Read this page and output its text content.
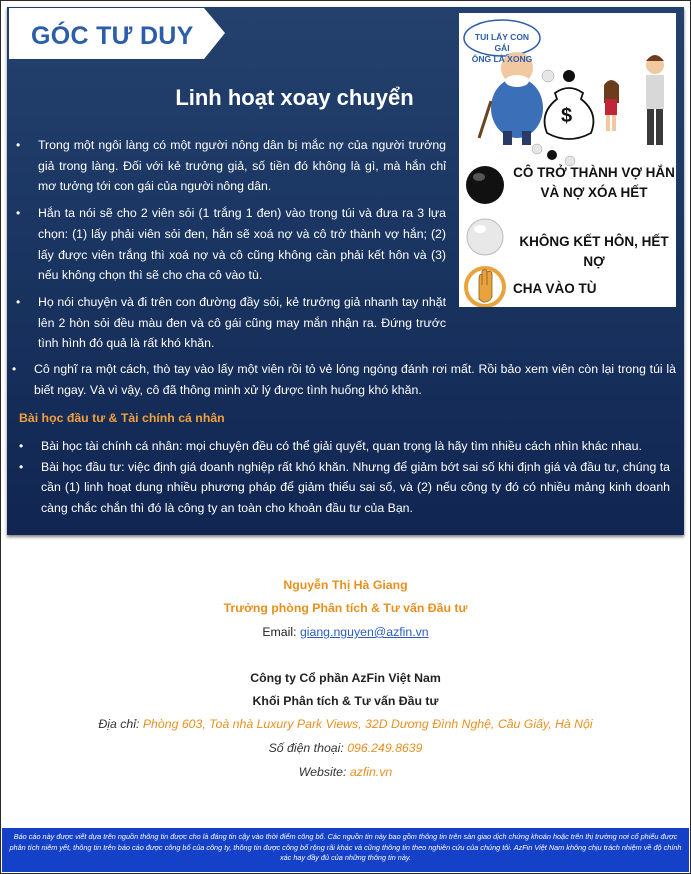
GÓC TƯ DUY
Linh hoạt xoay chuyển
• Trong một ngôi làng có một người nông dân bị mắc nợ của người trưởng giả trong làng. Đối với kẻ trưởng giả, số tiền đó không là gì, mà hắn chỉ mơ tưởng tới con gái của người nông dân.
• Hắn ta nói sẽ cho 2 viên sỏi (1 trắng 1 đen) vào trong túi và đưa ra 3 lựa chọn: (1) lấy phải viên sỏi đen, hắn sẽ xoá nợ và cô trở thành vợ hắn; (2) lấy được viên trắng thì xoá nợ và cô cũng không cần phải kết hôn và (3) nếu không chọn thì sẽ cho cha cô vào tù.
• Họ nói chuyện và đi trên con đường đầy sỏi, kẻ trưởng giả nhanh tay nhặt lên 2 hòn sỏi đều màu đen và cô gái cũng may mắn nhận ra. Đứng trước tình hình đó quả là rất khó khăn.
• Cô nghĩ ra một cách, thò tay vào lấy một viên rồi tỏ vẻ lóng ngóng đánh rơi mất. Rồi bảo xem viên còn lại trong túi là biết ngay. Và vì vậy, cô đã thông minh xử lý được tình huống khó khăn.
Bài học đầu tư & Tài chính cá nhân
• Bài học tài chính cá nhân: mọi chuyện đều có thể giải quyết, quan trọng là hãy tìm nhiều cách nhìn khác nhau.
• Bài học đầu tư: việc định giá doanh nghiệp rất khó khăn. Nhưng để giảm bớt sai số khi định giá và đầu tư, chúng ta cần (1) linh hoạt dung nhiều phương pháp để giảm thiểu sai số, và (2) nếu công ty đó có nhiều mảng kinh doanh càng chắc chắn thì đó là công ty an toàn cho khoản đầu tư của Bạn.
TUI LẤY CON GÁI
ÔNG LÀ XONG
$
CÔ TRỞ THÀNH VỢ HẮN VÀ NỢ XÓA HẾT
KHÔNG KẾT HÔN, HẾT NỢ
CHA VÀO TÙ
Nguyễn Thị Hà Giang
Trưởng phòng Phân tích & Tư vấn Đầu tư
Email: giang.nguyen@azfin.vn
Công ty Cổ phần AzFin Việt Nam
Khối Phân tích & Tư vấn Đầu tư
Địa chỉ: Phòng 603, Toà nhà Luxury Park Views, 32D Dương Đình Nghệ, Cầu Giấy, Hà Nội
Số điện thoại: 096.249.8639
Website: azfin.vn
Báo cáo này được viết dựa trên nguồn thông tin được cho là đáng tin cậy vào thời điểm công bố. Các nguồn tin này bao gồm thông tin trên sàn giao dịch chứng khoán hoặc trên thị trường nơi cổ phiếu được phân tích niêm yết, thông tin trên báo cáo được công bố của công ty, thông tin được công bố rộng rãi khác và cũng thông tin theo nghiên cứu của chúng tôi. AzFin Việt Nam không chịu trách nhiệm về độ chính xác hay đầy đủ của những thông tin này.
